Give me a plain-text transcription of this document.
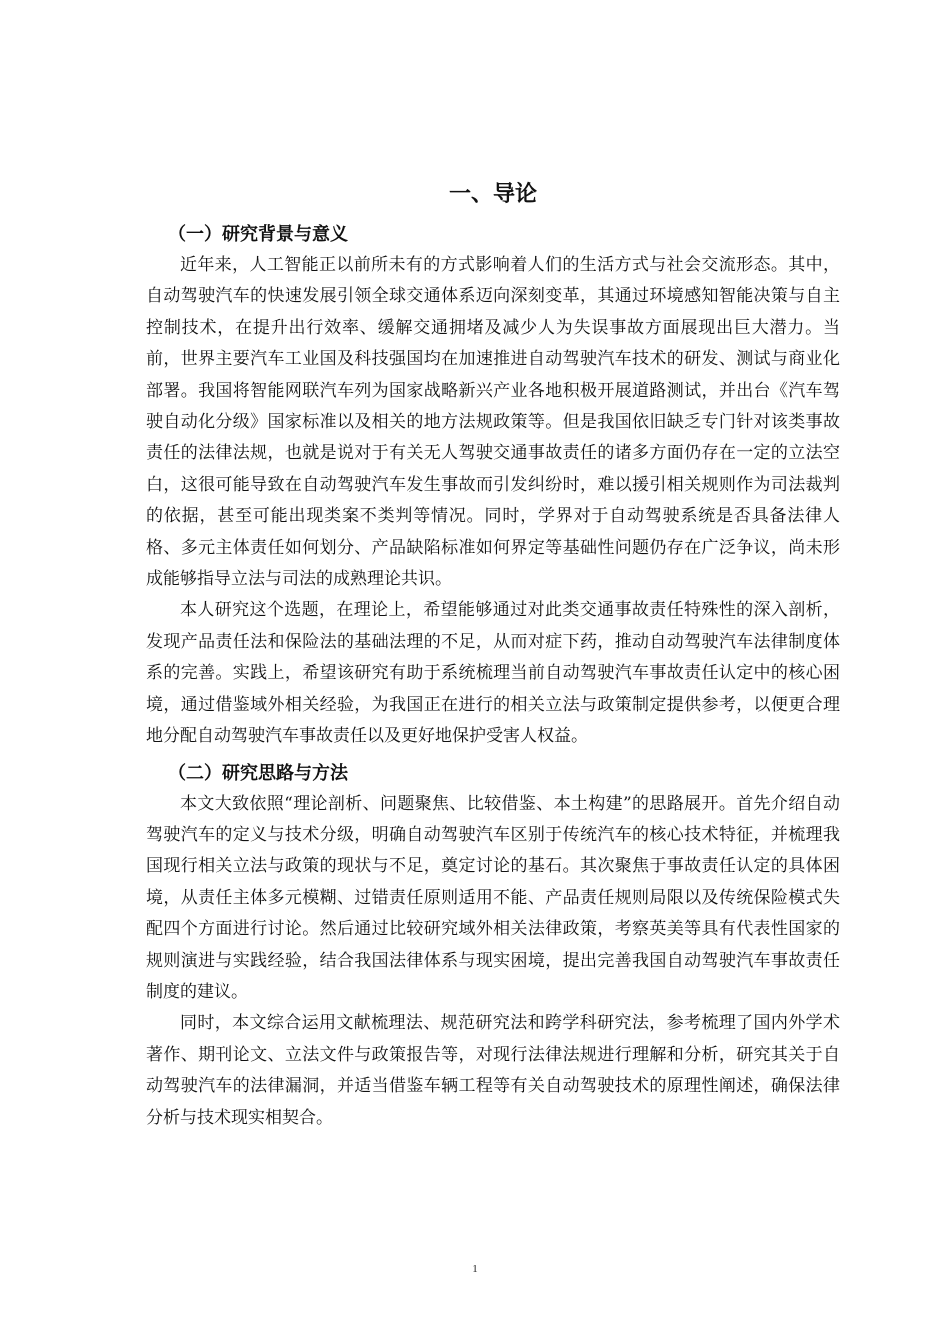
一、导论
（一）研究背景与意义

近年来，人工智能正以前所未有的方式影响着人们的生活方式与社会交流形态。其中，自动驾驶汽车的快速发展引领全球交通体系迈向深刻变革，其通过环境感知智能决策与自主控制技术，在提升出行效率、缓解交通拥堵及减少人为失误事故方面展现出巨大潜力。当前，世界主要汽车工业国及科技强国均在加速推进自动驾驶汽车技术的研发、测试与商业化部署。我国将智能网联汽车列为国家战略新兴产业各地积极开展道路测试，并出台《汽车驾驶自动化分级》国家标准以及相关的地方法规政策等。但是我国依旧缺乏专门针对该类事故责任的法律法规，也就是说对于有关无人驾驶交通事故责任的诸多方面仍存在一定的立法空白，这很可能导致在自动驾驶汽车发生事故而引发纠纷时，难以援引相关规则作为司法裁判的依据，甚至可能出现类案不类判等情况。同时，学界对于自动驾驶系统是否具备法律人格、多元主体责任如何划分、产品缺陷标准如何界定等基础性问题仍存在广泛争议，尚未形成能够指导立法与司法的成熟理论共识。

本人研究这个选题，在理论上，希望能够通过对此类交通事故责任特殊性的深入剖析，发现产品责任法和保险法的基础法理的不足，从而对症下药，推动自动驾驶汽车法律制度体系的完善。实践上，希望该研究有助于系统梳理当前自动驾驶汽车事故责任认定中的核心困境，通过借鉴域外相关经验，为我国正在进行的相关立法与政策制定提供参考，以便更合理地分配自动驾驶汽车事故责任以及更好地保护受害人权益。

（二）研究思路与方法

本文大致依照“理论剖析、问题聚焦、比较借鉴、本土构建”的思路展开。首先介绍自动驾驶汽车的定义与技术分级，明确自动驾驶汽车区别于传统汽车的核心技术特征，并梳理我国现行相关立法与政策的现状与不足，奠定讨论的基石。其次聚焦于事故责任认定的具体困境，从责任主体多元模糊、过错责任原则适用不能、产品责任规则局限以及传统保险模式失配四个方面进行讨论。然后通过比较研究域外相关法律政策，考察英美等具有代表性国家的规则演进与实践经验，结合我国法律体系与现实困境，提出完善我国自动驾驶汽车事故责任制度的建议。

同时，本文综合运用文献梳理法、规范研究法和跨学科研究法，参考梳理了国内外学术著作、期刊论文、立法文件与政策报告等，对现行法律法规进行理解和分析，研究其关于自动驾驶汽车的法律漏洞，并适当借鉴车辆工程等有关自动驾驶技术的原理性阐述，确保法律分析与技术现实相契合。

1
